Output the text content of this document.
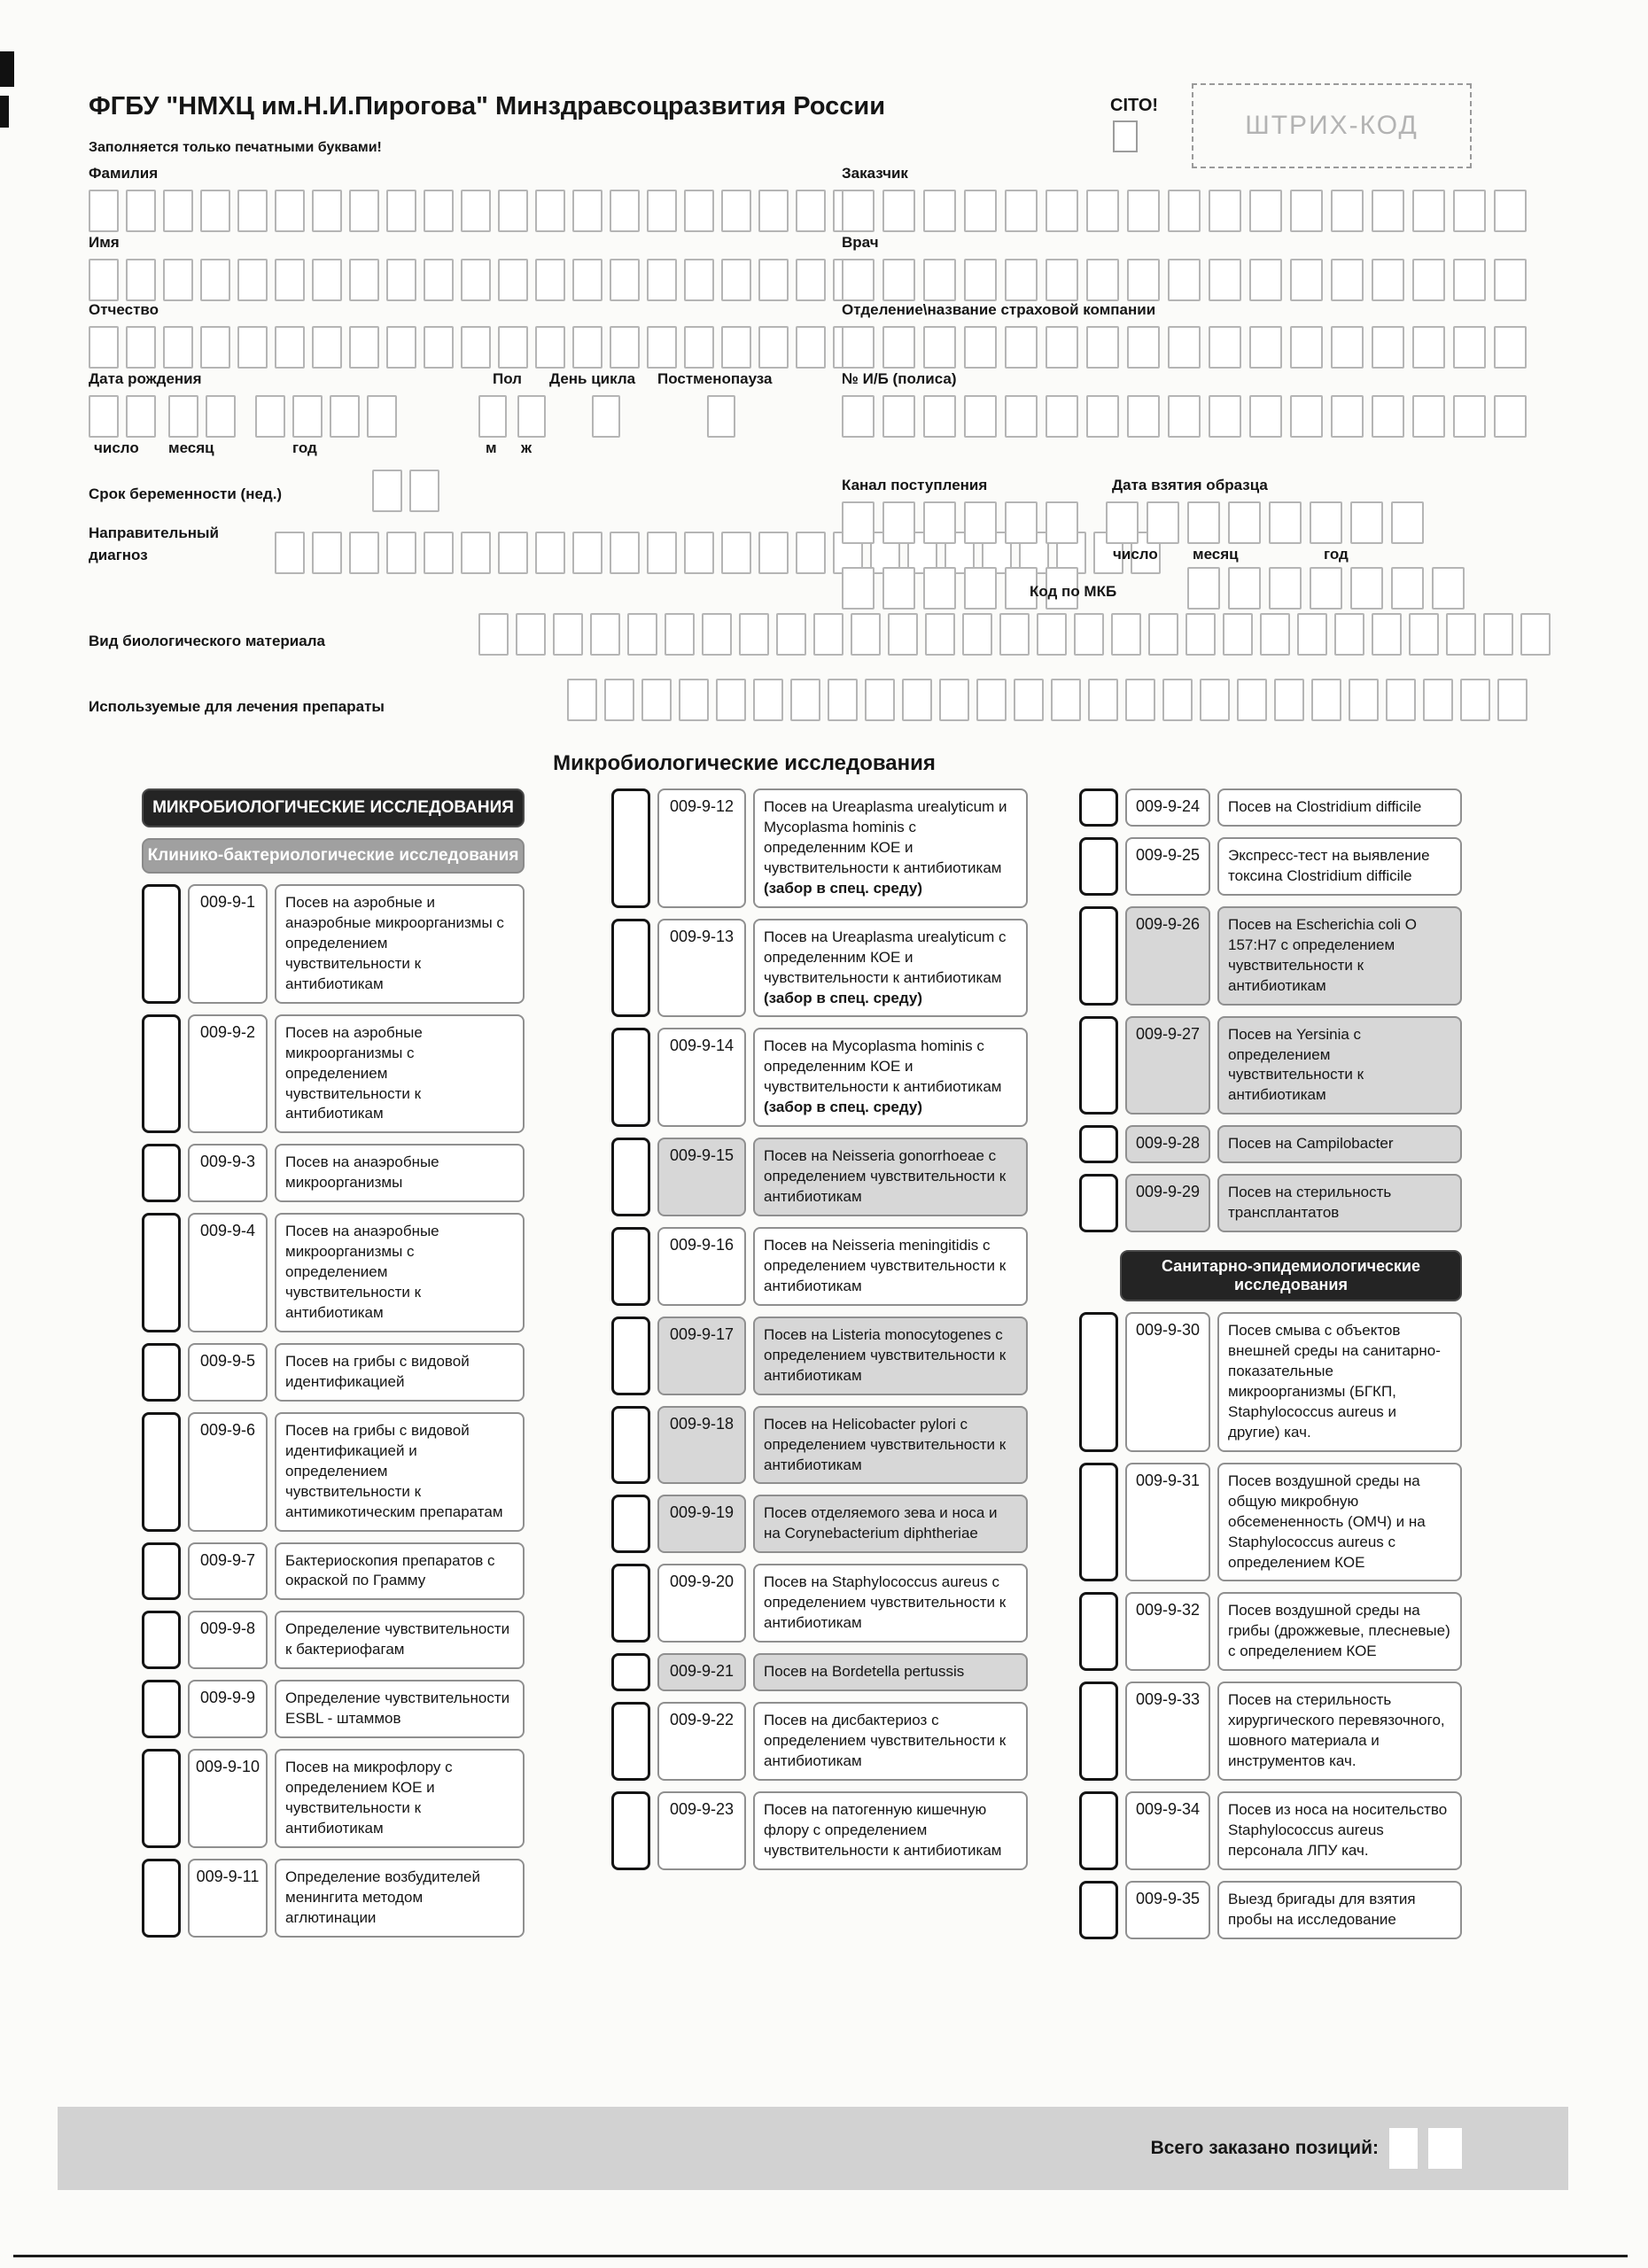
ФГБУ "НМХЦ им.Н.И.Пирогова" Минздравсоцразвития России	CITO!
ШТРИХ-КОД
Заполняется только печатными буквами!
Фамилия
Имя
Отчество
Дата рождения
число месяц	год
Пол
м ж
День цикла Постменопауза
Срок беременности (нед.)
Направительный
диагноз
Вид биологического материала
Используемые для лечения препараты
Заказчик
Врач
Отделение\название страховой компании
№ И/Б (полиса)
Канал поступления	Дата взятия образца
число месяц	год
Код по МКБ
Микробиологические исследования
МИКРОБИОЛОГИЧЕСКИЕ ИССЛЕДОВАНИЯ
Клинико-бактериологические исследования
009-9-1	Посев на аэробные и анаэробные микроорганизмы с определением чувствительности к антибиотикам
009-9-2	Посев на аэробные микроорганизмы с определением чувствительности к антибиотикам
009-9-3	Посев на анаэробные микроорганизмы
009-9-4	Посев на анаэробные микроорганизмы с определением чувствительности к антибиотикам
009-9-5	Посев на грибы с видовой идентификацией
009-9-6	Посев на грибы с видовой идентификацией и определением чувствительности к антимикотическим препаратам
009-9-7	Бактериоскопия препаратов с окраской по Грамму
009-9-8	Определение чувствительности к бактериофагам
009-9-9	Определение чувствительности ESBL - штаммов
009-9-10	Посев на микрофлору с определением КОЕ и чувствительности к антибиотикам
009-9-11	Определение возбудителей менингита методом аглютинации
009-9-12	Посев на Ureaplasma urealyticum и Mycoplasma hominis с определенним КОЕ и чувствительности к антибиотикам
(забор в спец. среду)
009-9-13	Посев на Ureaplasma urealyticum с определенним КОЕ и чувствительности к антибиотикам
(забор в спец. среду)
009-9-14	Посев на Mycoplasma hominis с определенним КОЕ и чувствительности к антибиотикам
(забор в спец. среду)
009-9-15	Посев на Neisseria gonorrhoeae с определением чувствительности к антибиотикам
009-9-16	Посев на Neisseria meningitidis с определением чувствительности к антибиотикам
009-9-17	Посев на Listeria monocytogenes с определением чувствительности к антибиотикам
009-9-18	Посев на Helicobacter pylori с определением чувствительности к антибиотикам
009-9-19	Посев отделяемого зева и носа и на Corynebacterium diphtheriae
009-9-20	Посев на Staphylococcus aureus с определением чувствительности к антибиотикам
009-9-21	Посев на Bordetella pertussis
009-9-22	Посев на дисбактериоз с определением чувствительности к антибиотикам
009-9-23	Посев на патогенную кишечную флору с определением чувствительности к антибиотикам
009-9-24	Посев на Clostridium difficile
009-9-25	Экспресс-тест на выявление токсина Clostridium difficile
009-9-26	Посев на Escherichia coli O 157:H7 с определением чувствительности к антибиотикам
009-9-27	Посев на Yersinia с определением чувствительности к антибиотикам
009-9-28	Посев на Campilobacter
009-9-29	Посев на стерильность трансплантатов
Санитарно-эпидемиологические исследования
009-9-30	Посев смыва с объектов внешней среды на санитарно-показательные микроорганизмы (БГКП, Staphylococcus aureus и другие) кач.
009-9-31	Посев воздушной среды на общую микробную обсемененность (ОМЧ) и на Staphylococcus aureus с определением КОЕ
009-9-32	Посев воздушной среды на грибы (дрожжевые, плесневые) с определением КОЕ
009-9-33	Посев на стерильность хирургического перевязочного, шовного материала и инструментов кач.
009-9-34	Посев из носа на носительство Staphylococcus aureus персонала ЛПУ кач.
009-9-35	Выезд бригады для взятия пробы на исследование
Всего заказано позиций:
